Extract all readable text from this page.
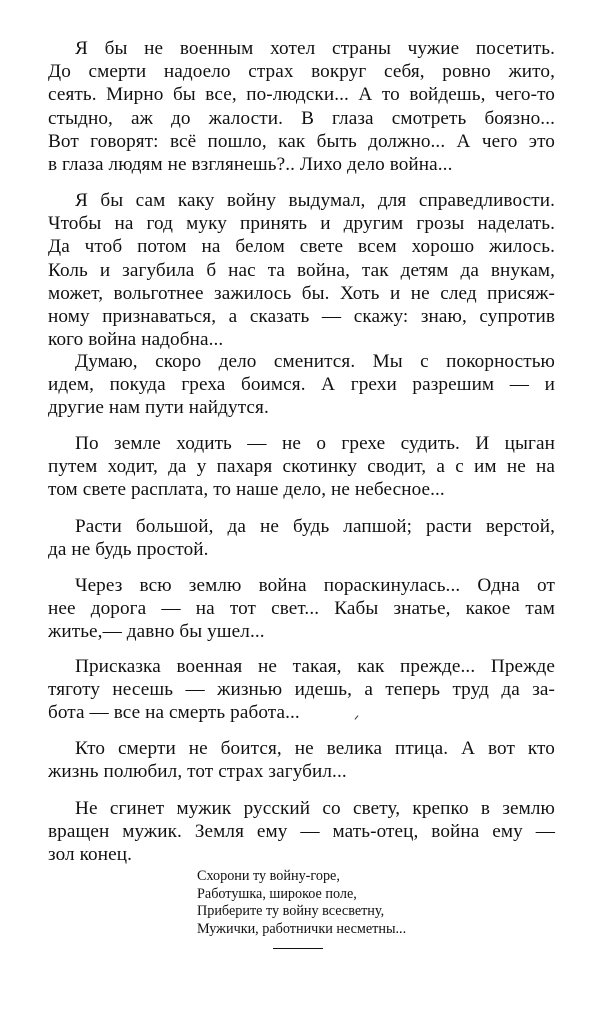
Я бы не военным хотел страны чужие посетить.
До смерти надоело страх вокруг себя, ровно жито,
сеять. Мирно бы все, по-людски... А то войдешь, чего-то
стыдно, аж до жалости. В глаза смотреть боязно...
Вот говорят: всё пошло, как быть должно... А чего это
в глаза людям не взглянешь?.. Лихо дело война...
Я бы сам каку войну выдумал, для справедливости.
Чтобы на год муку принять и другим грозы наделать.
Да чтоб потом на белом свете всем хорошо жилось.
Коль и загубила б нас та война, так детям да внукам,
может, вольготнее зажилось бы. Хоть и не след присяж-
ному признаваться, а сказать — скажу: знаю, супротив
кого война надобна...
Думаю, скоро дело сменится. Мы с покорностью
идем, покуда греха боимся. А грехи разрешим — и
другие нам пути найдутся.
По земле ходить — не о грехе судить. И цыган
путем ходит, да у пахаря скотинку сводит, а с им не на
том свете расплата, то наше дело, не небесное...
Расти большой, да не будь лапшой; расти верстой,
да не будь простой.
Через всю землю война пораскинулась... Одна от
нее дорога — на тот свет... Кабы знатье, какое там
житье,— давно бы ушел...
Присказка военная не такая, как прежде... Прежде
тяготу несешь — жизнью идешь, а теперь труд да за-
бота — все на смерть работа...
Кто смерти не боится, не велика птица. А вот кто
жизнь полюбил, тот страх загубил...
Не сгинет мужик русский со свету, крепко в землю
вращен мужик. Земля ему — мать-отец, война ему —
зол конец.
Схорони ту войну-горе,
Работушка, широкое поле,
Приберите ту войну всесветну,
Мужички, работнички несметны...
